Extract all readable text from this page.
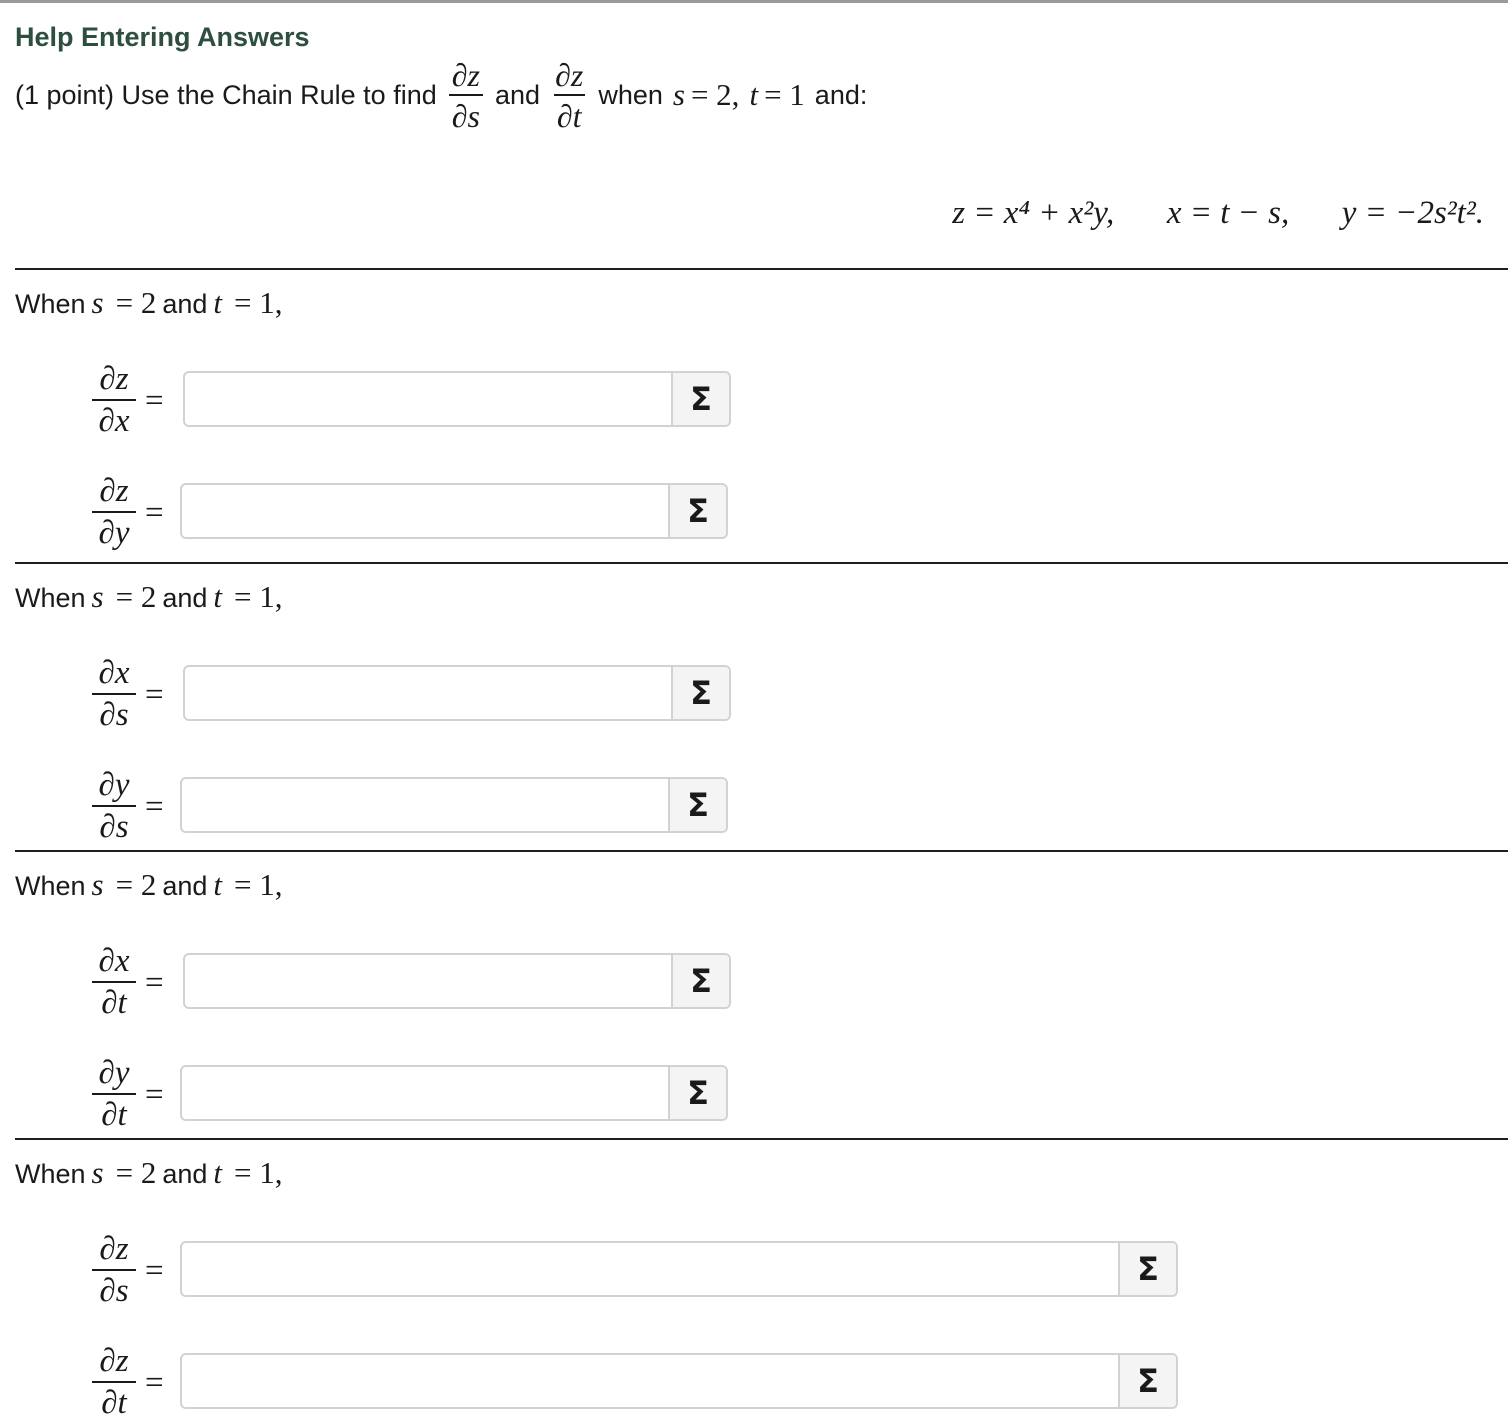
Help Entering Answers
(1 point) Use the Chain Rule to find $\frac{\partial z}{\partial s}$ and $\frac{\partial z}{\partial t}$ when s = 2, t = 1 and:
z = x⁴ + x²y, x = t − s, y = −2s²t².
When s = 2 and t = 1,
$\frac{\partial z}{\partial x}$ =	Σ
$\frac{\partial z}{\partial y}$ =	Σ
When s = 2 and t = 1,
$\frac{\partial x}{\partial s}$ =	Σ
$\frac{\partial y}{\partial s}$ =	Σ
When s = 2 and t = 1,
$\frac{\partial x}{\partial t}$ =	Σ
$\frac{\partial y}{\partial t}$ =	Σ
When s = 2 and t = 1,
$\frac{\partial z}{\partial s}$ =	Σ
$\frac{\partial z}{\partial t}$ =	Σ
